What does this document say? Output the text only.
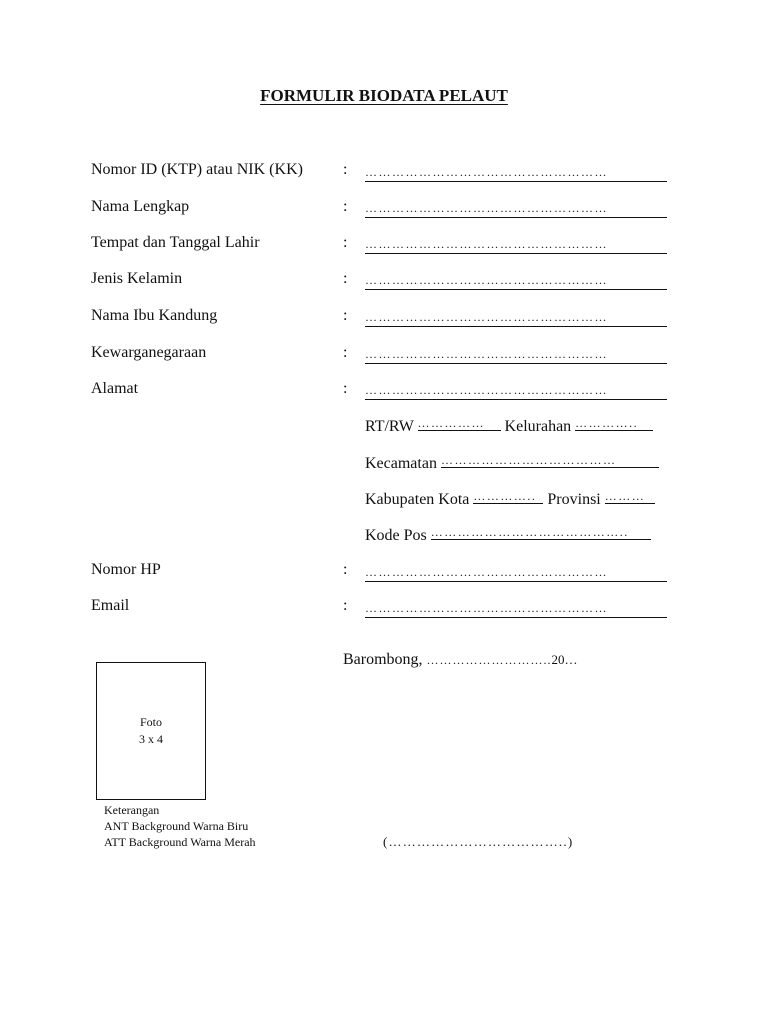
FORMULIR BIODATA PELAUT
Nomor ID (KTP) atau NIK (KK)	: ………………………………………………
Nama Lengkap	: ………………………………………………
Tempat dan Tanggal Lahir	: ………………………………………………
Jenis Kelamin	: ………………………………………………
Nama Ibu Kandung	: ………………………………………………
Kewarganegaraan	: ………………………………………………
Alamat	: ………………………………………………
RT/RW …………… Kelurahan …………..
Kecamatan …………………………………
Kabupaten Kota ………….. Provinsi ………
Kode Pos ……………………………………..
Nomor HP	: ………………………………………………
Email	: ………………………………………………
Barombong, ………………………..20…
Foto
3 x 4
Keterangan
ANT Background Warna Biru
ATT Background Warna Merah	(………………………………..)
